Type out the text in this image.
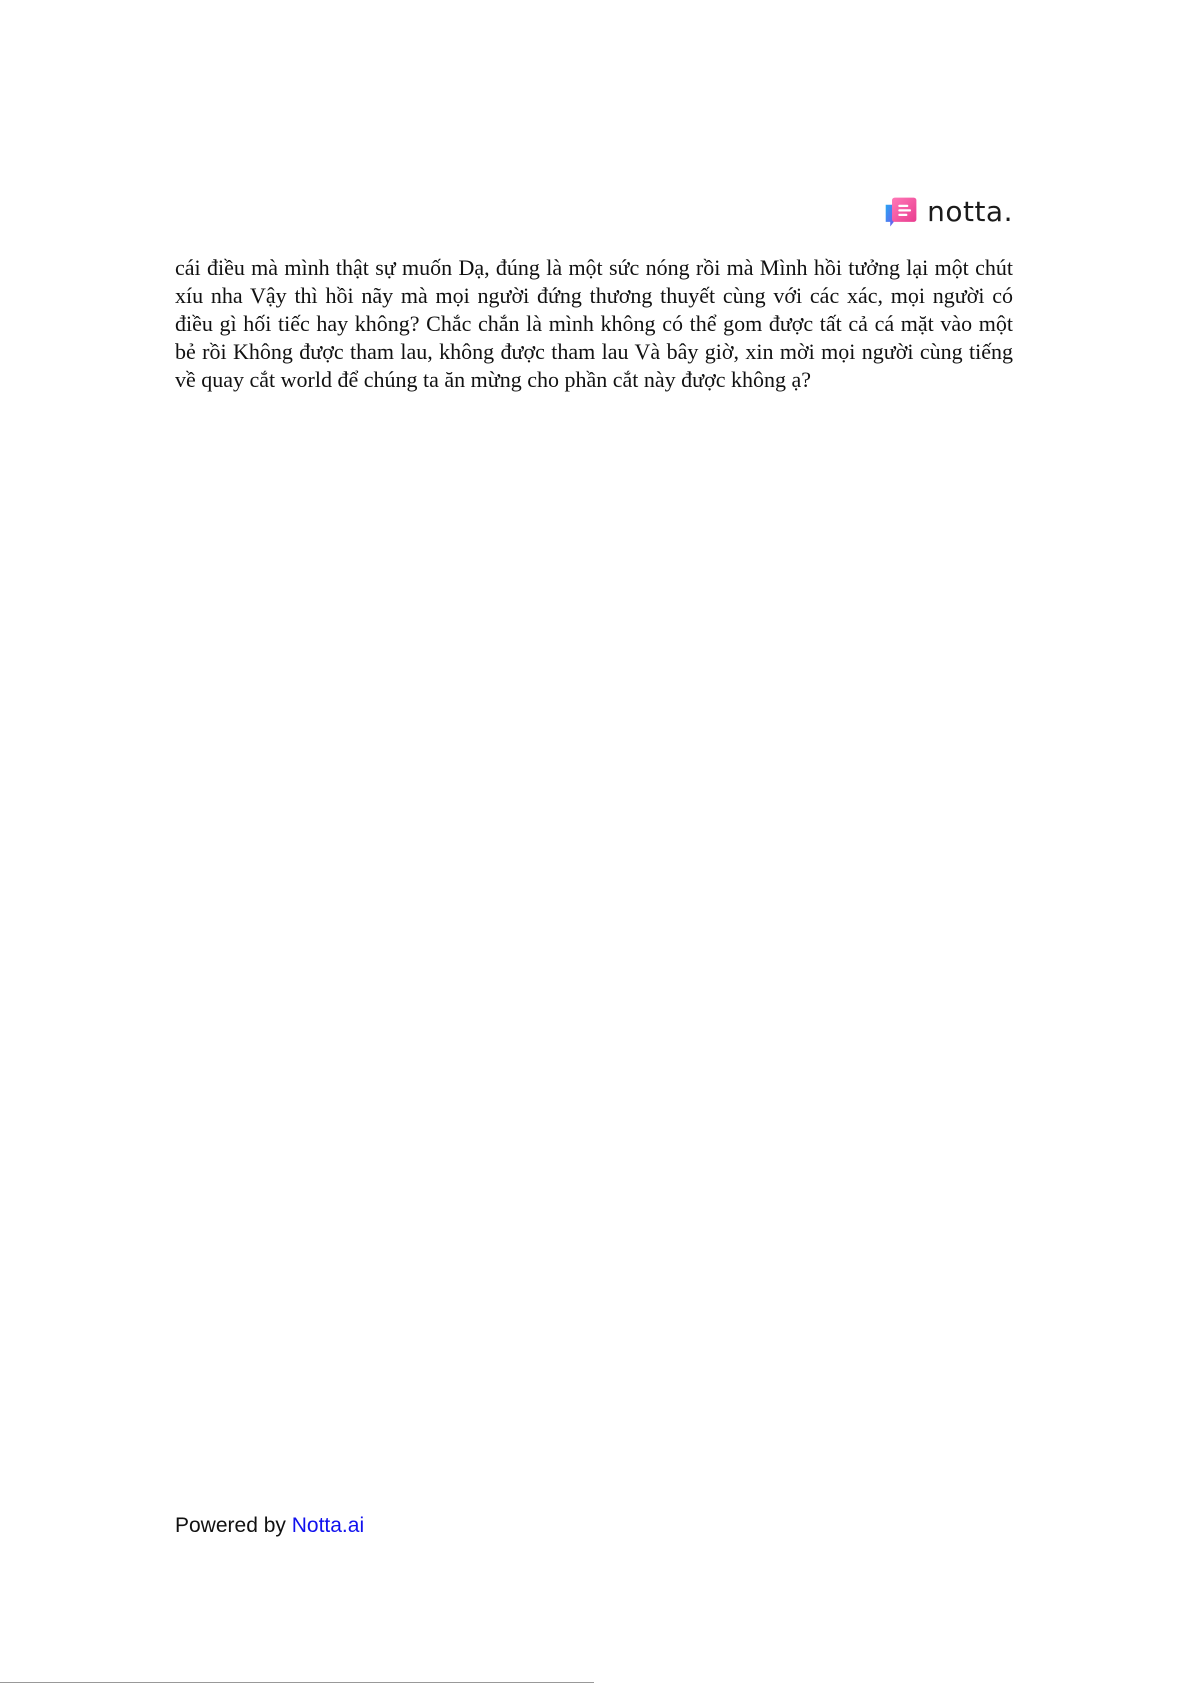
notta.

cái điều mà mình thật sự muốn Dạ, đúng là một sức nóng rồi mà Mình hồi tưởng lại một chút xíu nha Vậy thì hồi nãy mà mọi người đứng thương thuyết cùng với các xác, mọi người có điều gì hối tiếc hay không? Chắc chắn là mình không có thể gom được tất cả cá mặt vào một bẻ rồi Không được tham lau, không được tham lau Và bây giờ, xin mời mọi người cùng tiếng về quay cắt world để chúng ta ăn mừng cho phần cắt này được không ạ?

Powered by Notta.ai
